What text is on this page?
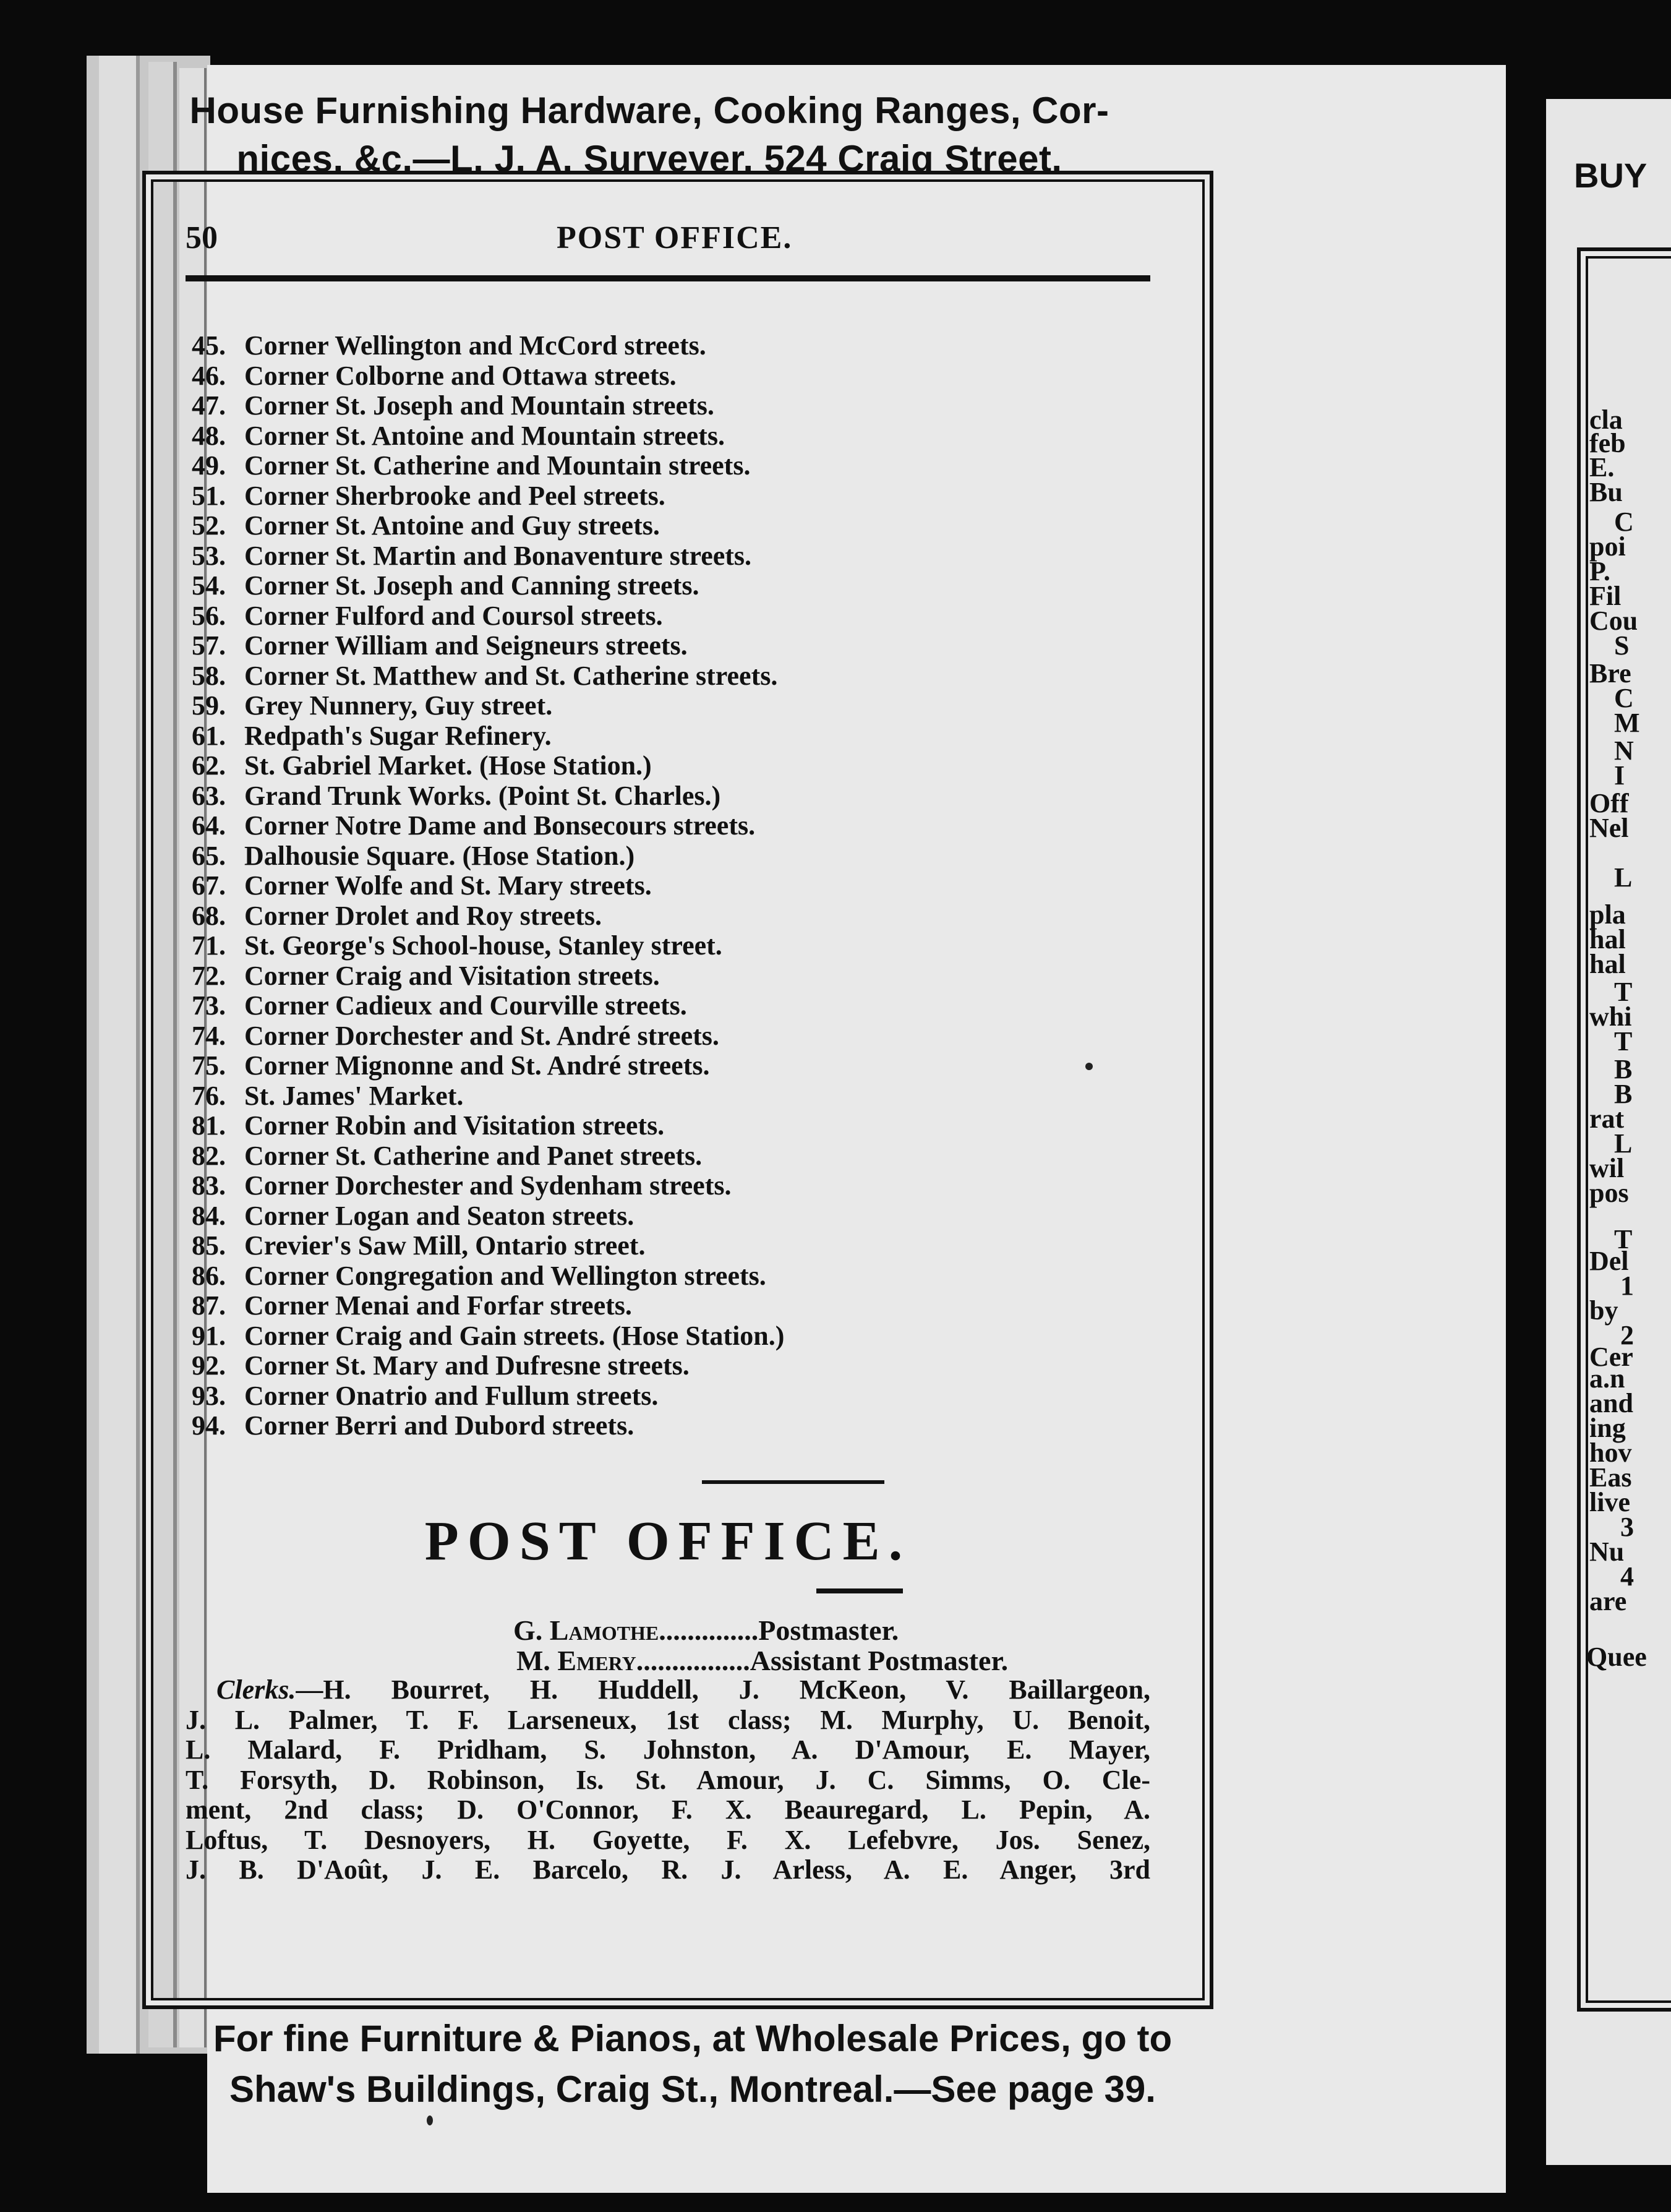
House Furnishing Hardware, Cooking Ranges, Cor-
nices, &c.—L. J. A. Surveyer, 524 Craig Street.
50	POST OFFICE.
45. Corner Wellington and McCord streets.
46. Corner Colborne and Ottawa streets.
47. Corner St. Joseph and Mountain streets.
48. Corner St. Antoine and Mountain streets.
49. Corner St. Catherine and Mountain streets.
51. Corner Sherbrooke and Peel streets.
52. Corner St. Antoine and Guy streets.
53. Corner St. Martin and Bonaventure streets.
54. Corner St. Joseph and Canning streets.
56. Corner Fulford and Coursol streets.
57. Corner William and Seigneurs streets.
58. Corner St. Matthew and St. Catherine streets.
59. Grey Nunnery, Guy street.
61. Redpath's Sugar Refinery.
62. St. Gabriel Market. (Hose Station.)
63. Grand Trunk Works. (Point St. Charles.)
64. Corner Notre Dame and Bonsecours streets.
65. Dalhousie Square. (Hose Station.)
67. Corner Wolfe and St. Mary streets.
68. Corner Drolet and Roy streets.
71. St. George's School-house, Stanley street.
72. Corner Craig and Visitation streets.
73. Corner Cadieux and Courville streets.
74. Corner Dorchester and St. André streets.
75. Corner Mignonne and St. André streets.
76. St. James' Market.
81. Corner Robin and Visitation streets.
82. Corner St. Catherine and Panet streets.
83. Corner Dorchester and Sydenham streets.
84. Corner Logan and Seaton streets.
85. Crevier's Saw Mill, Ontario street.
86. Corner Congregation and Wellington streets.
87. Corner Menai and Forfar streets.
91. Corner Craig and Gain streets. (Hose Station.)
92. Corner St. Mary and Dufresne streets.
93. Corner Onatrio and Fullum streets.
94. Corner Berri and Dubord streets.
POST OFFICE.
G. Lamothe..............Postmaster.
M. Emery................Assistant Postmaster.
Clerks.—H. Bourret, H. Huddell, J. McKeon, V. Baillargeon,
J. L. Palmer, T. F. Larseneux, 1st class; M. Murphy, U. Benoit,
L. Malard, F. Pridham, S. Johnston, A. D'Amour, E. Mayer,
T. Forsyth, D. Robinson, Is. St. Amour, J. C. Simms, O. Cle-
ment, 2nd class; D. O'Connor, F. X. Beauregard, L. Pepin, A.
Loftus, T. Desnoyers, H. Goyette, F. X. Lefebvre, Jos. Senez,
J. B. D'Août, J. E. Barcelo, R. J. Arless, A. E. Anger, 3rd
For fine Furniture & Pianos, at Wholesale Prices, go to
Shaw's Buildings, Craig St., Montreal.—See page 39.
BUY
cla
feb
E.
Bu
C
poi
P.
Fil
Cou
S
Bre
C
M
N
I
Off
Nel
L
pla
hal
hal
T
whi
T
B
B
rat
L
wil
pos
T
Del
1
by
2
Cer
a.n
and
ing
hov
Eas
live
3
Nu
4
are
Quee
